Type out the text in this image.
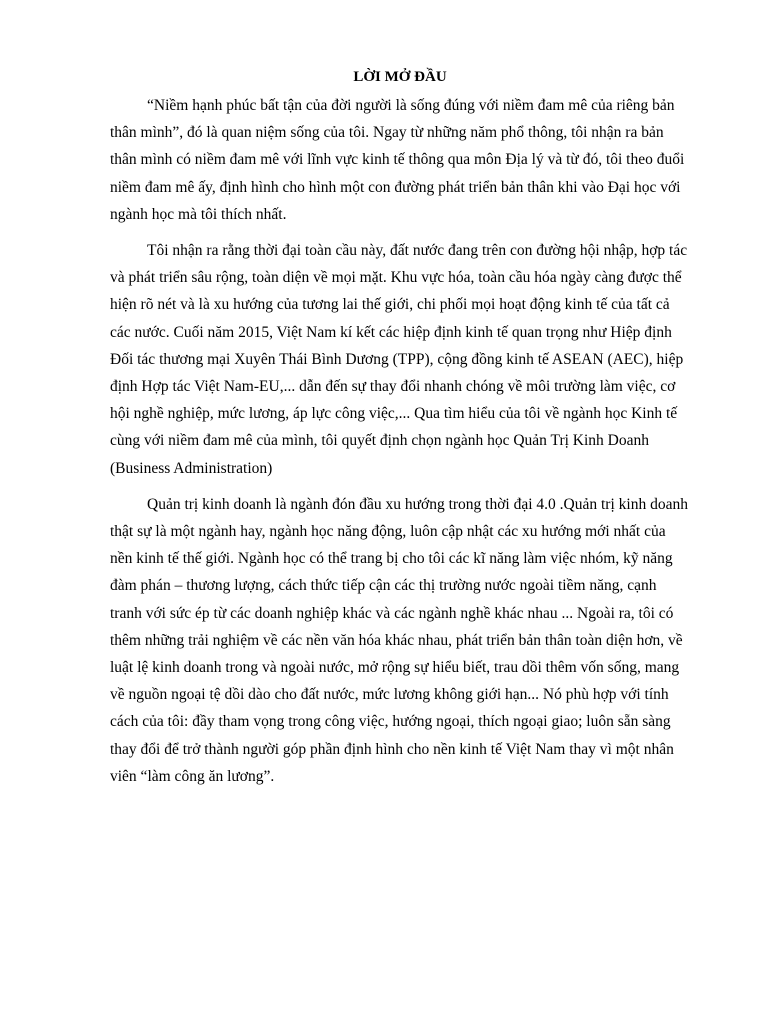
LỜI MỞ ĐẦU

“Niềm hạnh phúc bất tận của đời người là sống đúng với niềm đam mê của riêng bản thân mình”, đó là quan niệm sống của tôi. Ngay từ những năm phổ thông, tôi nhận ra bản thân mình có niềm đam mê với lĩnh vực kinh tế thông qua môn Địa lý và từ đó, tôi theo đuổi niềm đam mê ấy, định hình cho hình một con đường phát triển bản thân khi vào Đại học với ngành học mà tôi thích nhất.

Tôi nhận ra rằng thời đại toàn cầu này, đất nước đang trên con đường hội nhập, hợp tác và phát triển sâu rộng, toàn diện về mọi mặt. Khu vực hóa, toàn cầu hóa ngày càng được thể hiện rõ nét và là xu hướng của tương lai thế giới, chi phối mọi hoạt động kinh tế của tất cả các nước. Cuối năm 2015, Việt Nam kí kết các hiệp định kinh tế quan trọng như Hiệp định Đối tác thương mại Xuyên Thái Bình Dương (TPP), cộng đồng kinh tế ASEAN (AEC), hiệp định Hợp tác Việt Nam-EU,... dẫn đến sự thay đổi nhanh chóng về môi trường làm việc, cơ hội nghề nghiệp, mức lương, áp lực công việc,... Qua tìm hiểu của tôi về ngành học Kinh tế cùng với niềm đam mê của mình, tôi quyết định chọn ngành học Quản Trị Kinh Doanh (Business Administration)

Quản trị kinh doanh là ngành đón đầu xu hướng trong thời đại 4.0 .Quản trị kinh doanh thật sự là một ngành hay, ngành học năng động, luôn cập nhật các xu hướng mới nhất của nền kinh tế thế giới. Ngành học có thể trang bị cho tôi các kĩ năng làm việc nhóm, kỹ năng đàm phán – thương lượng, cách thức tiếp cận các thị trường nước ngoài tiềm năng, cạnh tranh với sức ép từ các doanh nghiệp khác và các ngành nghề khác nhau ... Ngoài ra, tôi có thêm những trải nghiệm về các nền văn hóa khác nhau, phát triển bản thân toàn diện hơn, về luật lệ kinh doanh trong và ngoài nước, mở rộng sự hiểu biết, trau dồi thêm vốn sống, mang về nguồn ngoại tệ dồi dào cho đất nước, mức lương không giới hạn... Nó phù hợp với tính cách của tôi: đầy tham vọng trong công việc, hướng ngoại, thích ngoại giao; luôn sẵn sàng thay đổi để trở thành người góp phần định hình cho nền kinh tế Việt Nam thay vì một nhân viên “làm công ăn lương”.
